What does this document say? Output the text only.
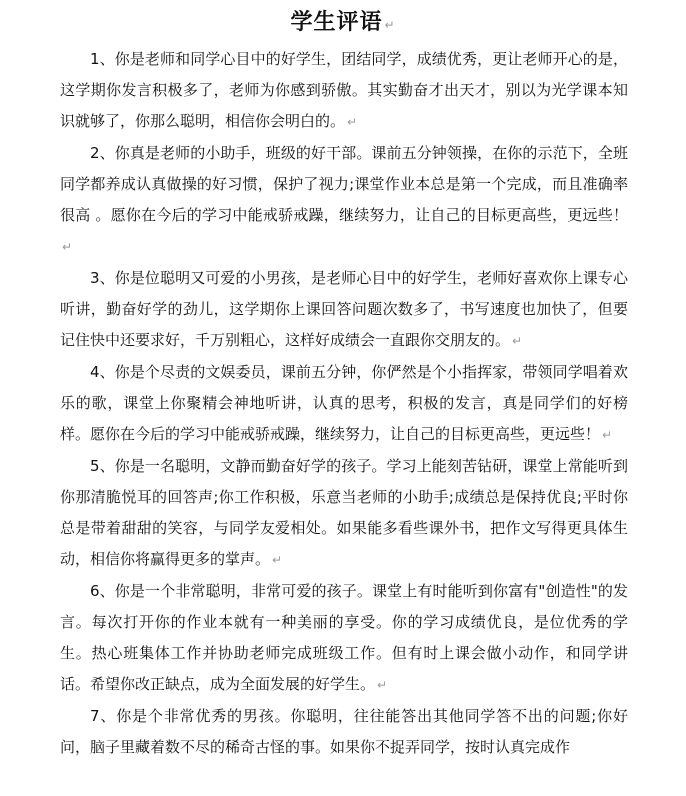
学生评语 ↵

1、你是老师和同学心目中的好学生，团结同学，成绩优秀，更让老师开心的是，这学期你发言积极多了，老师为你感到骄傲。其实勤奋才出天才，别以为光学课本知识就够了，你那么聪明，相信你会明白的。 ↵

2、你真是老师的小助手，班级的好干部。课前五分钟领操，在你的示范下，全班同学都养成认真做操的好习惯，保护了视力;课堂作业本总是第一个完成，而且准确率很高 。愿你在今后的学习中能戒骄戒躁，继续努力，让自己的目标更高些，更远些！↵

3、你是位聪明又可爱的小男孩，是老师心目中的好学生，老师好喜欢你上课专心听讲，勤奋好学的劲儿，这学期你上课回答问题次数多了，书写速度也加快了，但要记住快中还要求好，千万别粗心，这样好成绩会一直跟你交朋友的。 ↵

4、你是个尽责的文娱委员，课前五分钟，你俨然是个小指挥家，带领同学唱着欢乐的歌，课堂上你聚精会神地听讲，认真的思考，积极的发言，真是同学们的好榜样。愿你在今后的学习中能戒骄戒躁，继续努力，让自己的目标更高些，更远些！ ↵

5、你是一名聪明，文静而勤奋好学的孩子。学习上能刻苦钻研，课堂上常能听到你那清脆悦耳的回答声;你工作积极，乐意当老师的小助手;成绩总是保持优良;平时你总是带着甜甜的笑容，与同学友爱相处。如果能多看些课外书，把作文写得更具体生动，相信你将赢得更多的掌声。 ↵

6、你是一个非常聪明，非常可爱的孩子。课堂上有时能听到你富有"创造性"的发言。每次打开你的作业本就有一种美丽的享受。你的学习成绩优良，是位优秀的学生。热心班集体工作并协助老师完成班级工作。但有时上课会做小动作，和同学讲话。希望你改正缺点，成为全面发展的好学生。 ↵

7、你是个非常优秀的男孩。你聪明，往往能答出其他同学答不出的问题;你好问，脑子里藏着数不尽的稀奇古怪的事。如果你不捉弄同学，按时认真完成作
